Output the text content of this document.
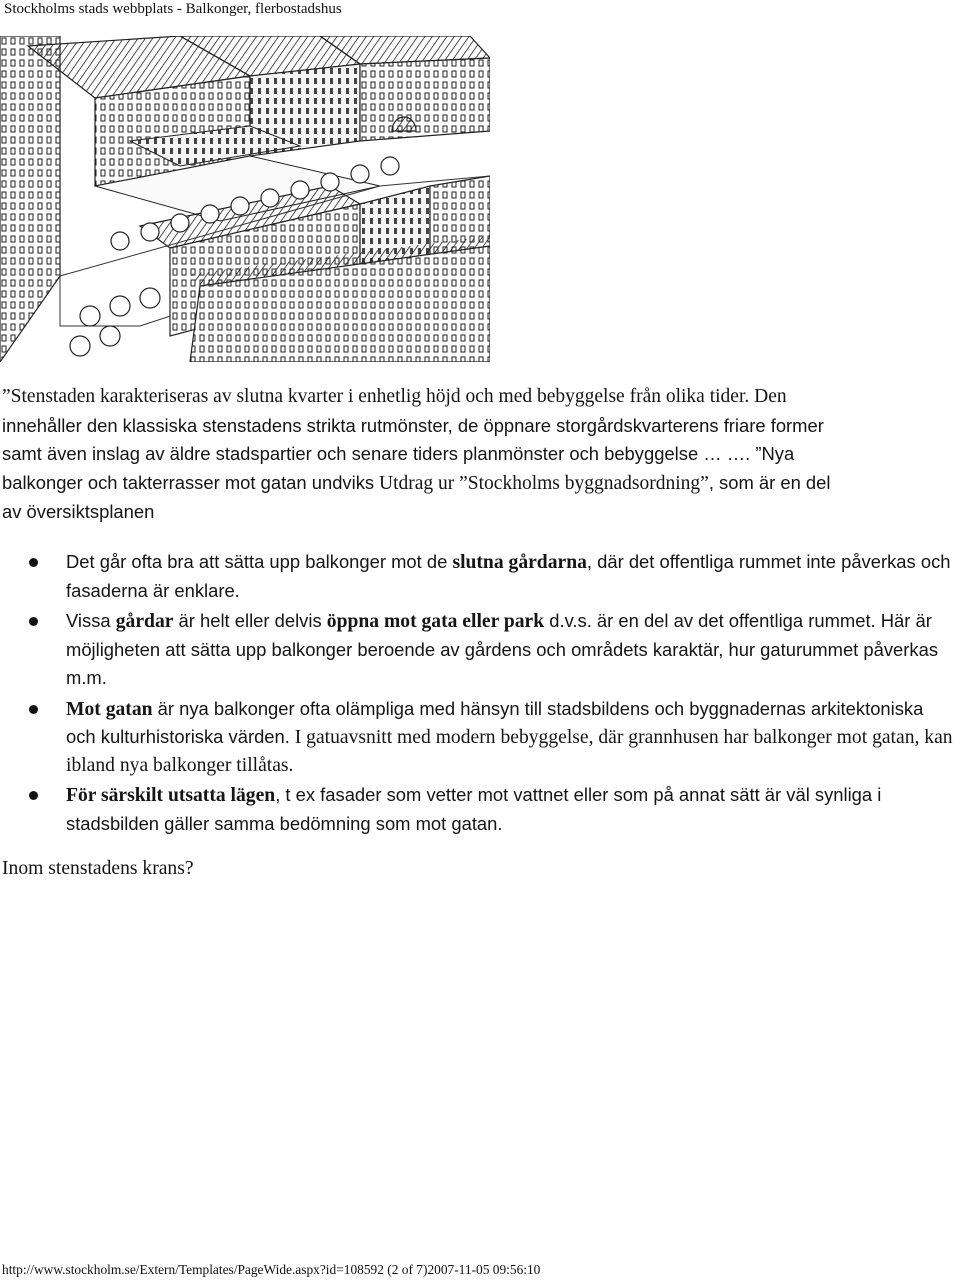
Stockholms stads webbplats - Balkonger, flerbostadshus
”Stenstaden karakteriseras av slutna kvarter i enhetlig höjd och med bebyggelse från olika tider. Den
innehåller den klassiska stenstadens strikta rutmönster, de öppnare storgårdskvarterens friare former
samt även inslag av äldre stadspartier och senare tiders planmönster och bebyggelse … …. ”Nya
balkonger och takterrasser mot gatan undviks Utdrag ur ”Stockholms byggnadsordning”, som är en del
av översiktsplanen
Det går ofta bra att sätta upp balkonger mot de slutna gårdarna, där det offentliga rummet inte påverkas och fasaderna är enklare.
Vissa gårdar är helt eller delvis öppna mot gata eller park d.v.s. är en del av det offentliga rummet. Här är möjligheten att sätta upp balkonger beroende av gårdens och områdets karaktär, hur gaturummet påverkas m.m.
Mot gatan är nya balkonger ofta olämpliga med hänsyn till stadsbildens och byggnadernas arkitektoniska och kulturhistoriska värden. I gatuavsnitt med modern bebyggelse, där grannhusen har balkonger mot gatan, kan ibland nya balkonger tillåtas.
För särskilt utsatta lägen, t ex fasader som vetter mot vattnet eller som på annat sätt är väl synliga i stadsbilden gäller samma bedömning som mot gatan.
Inom stenstadens krans?
http://www.stockholm.se/Extern/Templates/PageWide.aspx?id=108592 (2 of 7)2007-11-05 09:56:10
